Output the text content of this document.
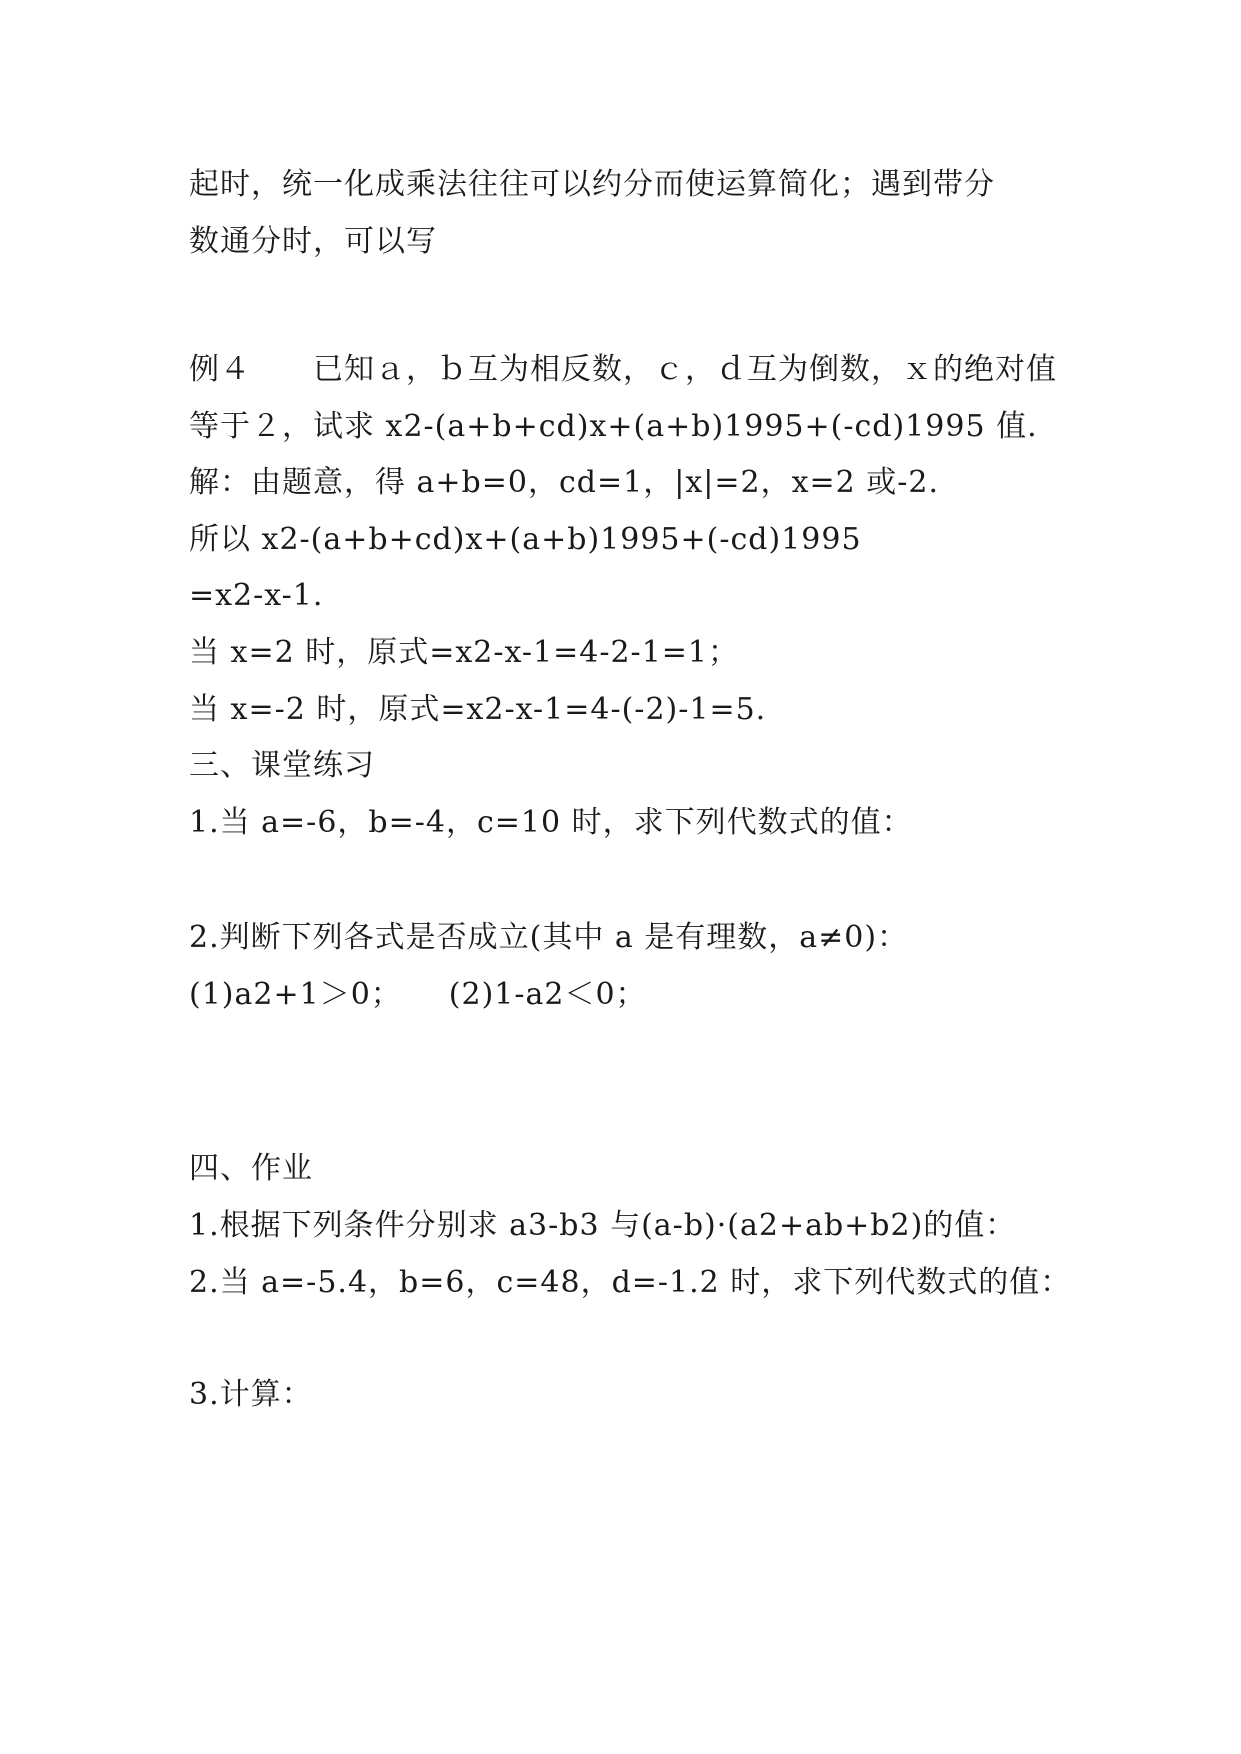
起时，统一化成乘法往往可以约分而使运算简化；遇到带分
数通分时，可以写
例４　　已知ａ，ｂ互为相反数，ｃ，ｄ互为倒数，ｘ的绝对值
等于２，试求 x2-(a+b+cd)x+(a+b)1995+(-cd)1995 值.
解：由题意，得 a+b=0，cd=1，|x|=2，x=2 或-2.
所以 x2-(a+b+cd)x+(a+b)1995+(-cd)1995
=x2-x-1.
当 x=2 时，原式=x2-x-1=4-2-1=1；
当 x=-2 时，原式=x2-x-1=4-(-2)-1=5.
三、课堂练习
1.当 a=-6，b=-4，c=10 时，求下列代数式的值：
2.判断下列各式是否成立(其中 a 是有理数，a≠0)：
(1)a2+1＞0；　　(2)1-a2＜0；
四、作业
1.根据下列条件分别求 a3-b3 与(a-b)·(a2+ab+b2)的值：
2.当 a=-5.4，b=6，c=48，d=-1.2 时，求下列代数式的值：
3.计算：
